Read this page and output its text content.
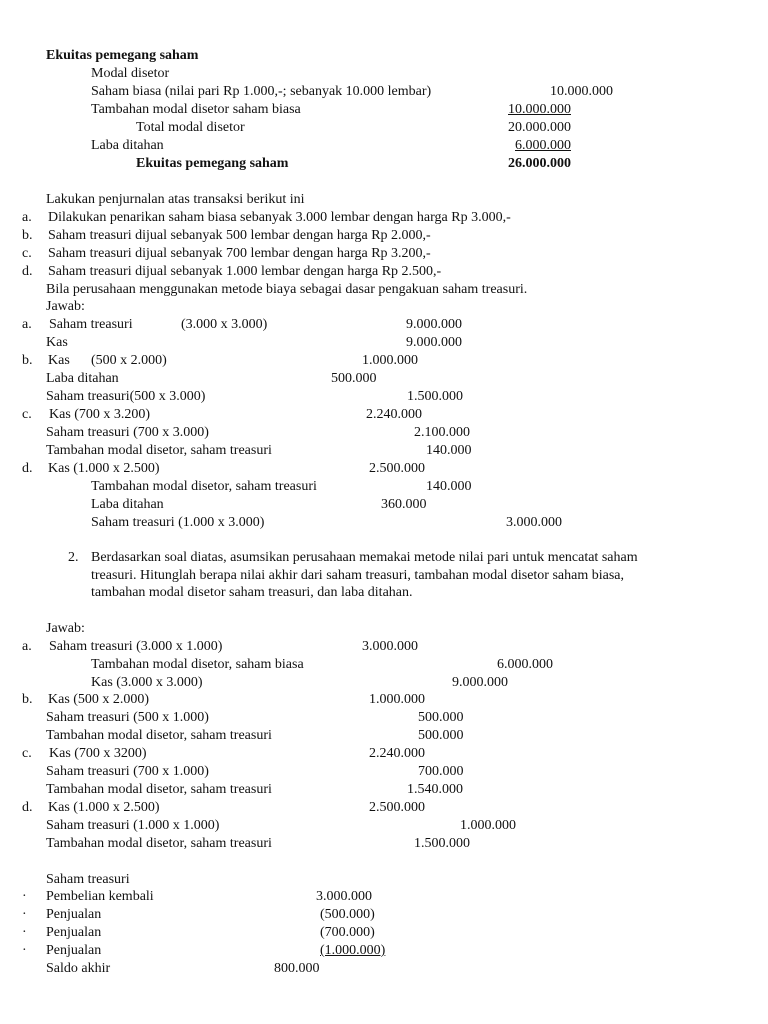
Ekuitas pemegang saham
Modal disetor
Saham biasa (nilai pari Rp 1.000,-; sebanyak 10.000 lembar)	10.000.000
Tambahan modal disetor saham biasa	10.000.000
Total modal disetor	20.000.000
Laba ditahan	6.000.000
Ekuitas pemegang saham	26.000.000
Lakukan penjurnalan atas transaksi berikut ini
a. Dilakukan penarikan saham biasa sebanyak 3.000 lembar dengan harga Rp 3.000,-
b. Saham treasuri dijual sebanyak 500 lembar dengan harga Rp 2.000,-
c. Saham treasuri dijual sebanyak 700 lembar dengan harga Rp 3.200,-
d. Saham treasuri dijual sebanyak 1.000 lembar dengan harga Rp 2.500,-
Bila perusahaan menggunakan metode biaya sebagai dasar pengakuan saham treasuri.
Jawab:
a. Saham treasuri	(3.000 x 3.000)	9.000.000
Kas	9.000.000
b. Kas (500 x 2.000)	1.000.000
Laba ditahan	500.000
Saham treasuri(500 x 3.000)	1.500.000
c. Kas (700 x 3.200)	2.240.000
Saham treasuri (700 x 3.000)	2.100.000
Tambahan modal disetor, saham treasuri	140.000
d. Kas (1.000 x 2.500)	2.500.000
Tambahan modal disetor, saham treasuri	140.000
Laba ditahan	360.000
Saham treasuri (1.000 x 3.000)	3.000.000
2. Berdasarkan soal diatas, asumsikan perusahaan memakai metode nilai pari untuk mencatat saham
treasuri. Hitunglah berapa nilai akhir dari saham treasuri, tambahan modal disetor saham biasa,
tambahan modal disetor saham treasuri, dan laba ditahan.
Jawab:
a. Saham treasuri (3.000 x 1.000)	3.000.000
Tambahan modal disetor, saham biasa	6.000.000
Kas (3.000 x 3.000)	9.000.000
b. Kas (500 x 2.000)	1.000.000
Saham treasuri (500 x 1.000)	500.000
Tambahan modal disetor, saham treasuri	500.000
c. Kas (700 x 3200)	2.240.000
Saham treasuri (700 x 1.000)	700.000
Tambahan modal disetor, saham treasuri	1.540.000
d. Kas (1.000 x 2.500)	2.500.000
Saham treasuri (1.000 x 1.000)	1.000.000
Tambahan modal disetor, saham treasuri	1.500.000
Saham treasuri
· Pembelian kembali	3.000.000
· Penjualan	(500.000)
· Penjualan	(700.000)
· Penjualan	(1.000.000)
Saldo akhir	800.000
